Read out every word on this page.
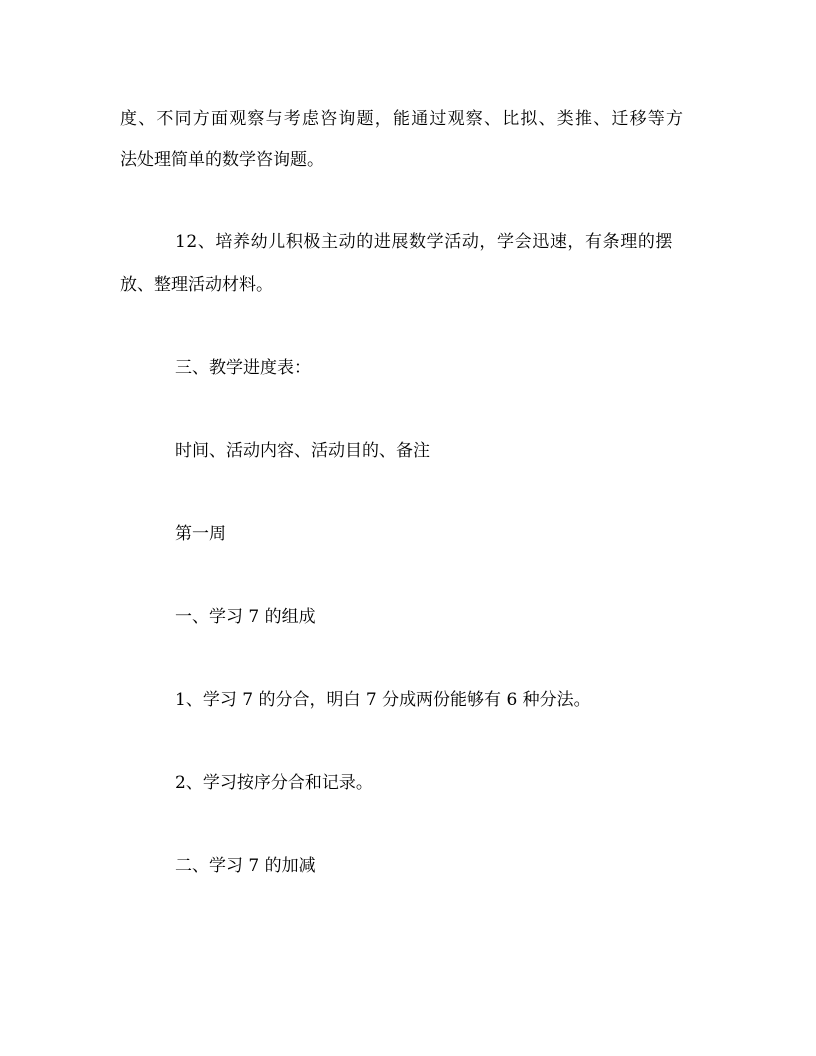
度、不同方面观察与考虑咨询题，能通过观察、比拟、类推、迁移等方
法处理简单的数学咨询题。
12、培养幼儿积极主动的进展数学活动，学会迅速，有条理的摆
放、整理活动材料。
三、教学进度表：
时间、活动内容、活动目的、备注
第一周
一、学习 7 的组成
1、学习 7 的分合，明白 7 分成两份能够有 6 种分法。
2、学习按序分合和记录。
二、学习 7 的加减
